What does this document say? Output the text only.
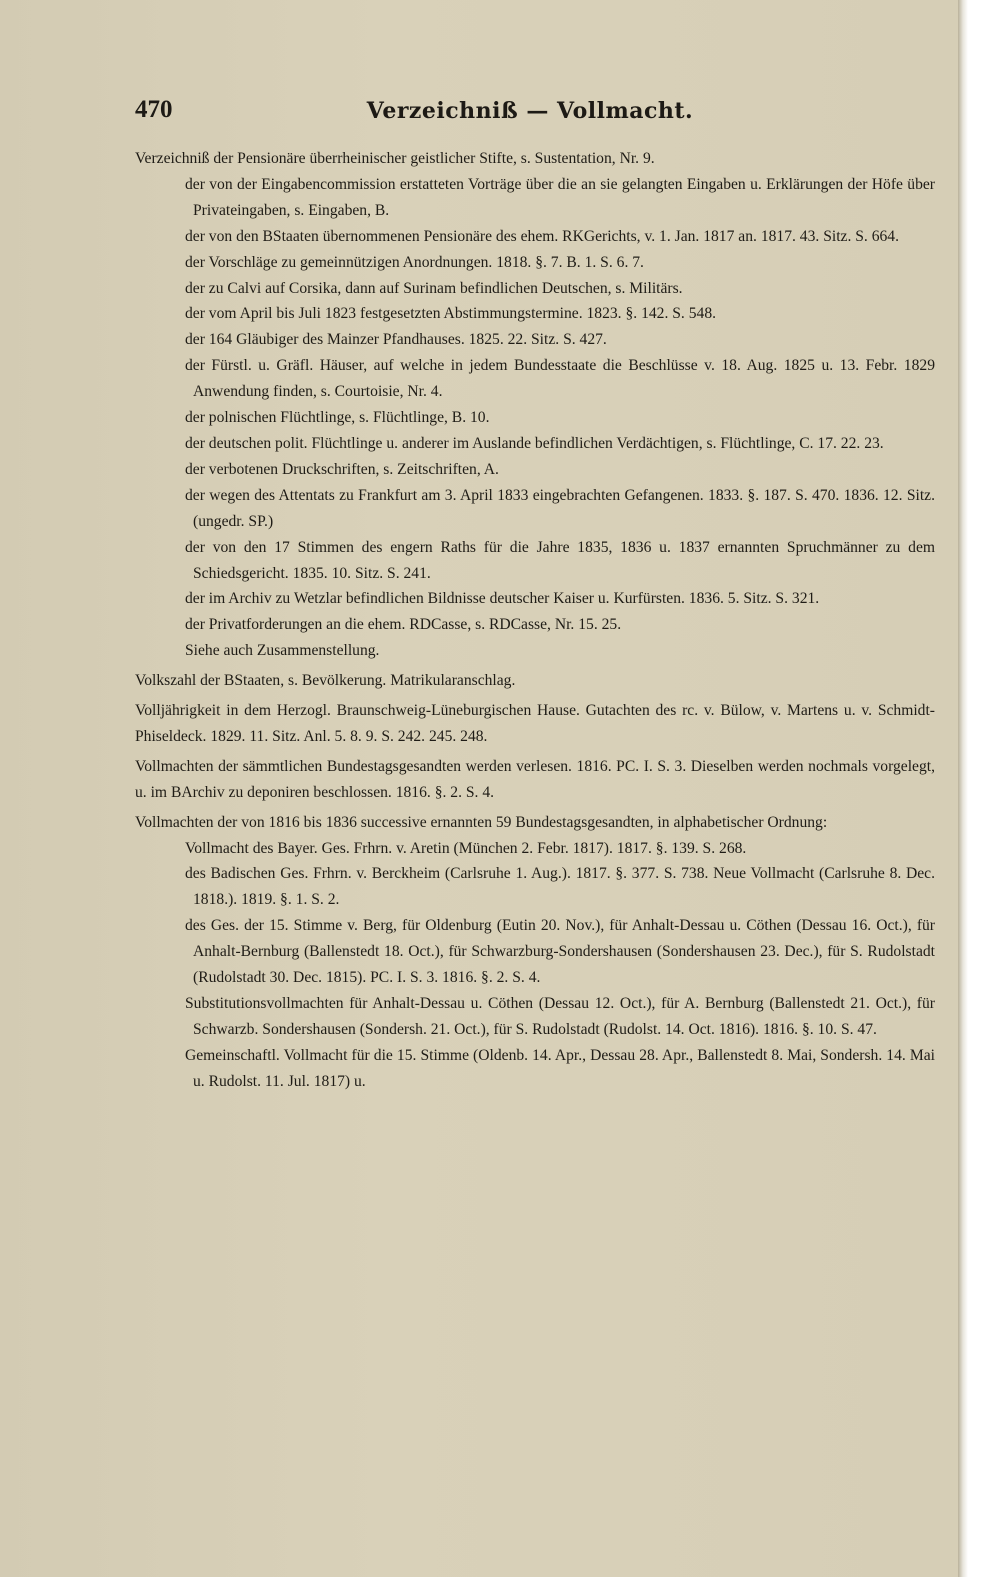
470	Verzeichniß — Vollmacht.
Verzeichniß der Pensionäre überrheinischer geistlicher Stifte, s. Sustentation, Nr. 9.
der von der Eingabencommission erstatteten Vorträge über die an sie gelangten Eingaben u. Erklärungen der Höfe über Privateingaben, s. Eingaben, B.
der von den BStaaten übernommenen Pensionäre des ehem. RKGerichts, v. 1. Jan. 1817 an. 1817. 43. Sitz. S. 664.
der Vorschläge zu gemeinnützigen Anordnungen. 1818. §. 7. B. 1. S. 6. 7.
der zu Calvi auf Corsika, dann auf Surinam befindlichen Deutschen, s. Militärs.
der vom April bis Juli 1823 festgesetzten Abstimmungstermine. 1823. §. 142. S. 548.
der 164 Gläubiger des Mainzer Pfandhauses. 1825. 22. Sitz. S. 427.
der Fürstl. u. Gräfl. Häuser, auf welche in jedem Bundesstaate die Beschlüsse v. 18. Aug. 1825 u. 13. Febr. 1829 Anwendung finden, s. Courtoisie, Nr. 4.
der polnischen Flüchtlinge, s. Flüchtlinge, B. 10.
der deutschen polit. Flüchtlinge u. anderer im Auslande befindlichen Verdächtigen, s. Flüchtlinge, C. 17. 22. 23.
der verbotenen Druckschriften, s. Zeitschriften, A.
der wegen des Attentats zu Frankfurt am 3. April 1833 eingebrachten Gefangenen. 1833. §. 187. S. 470. 1836. 12. Sitz. (ungedr. SP.)
der von den 17 Stimmen des engern Raths für die Jahre 1835, 1836 u. 1837 ernannten Spruchmänner zu dem Schiedsgericht. 1835. 10. Sitz. S. 241.
der im Archiv zu Wetzlar befindlichen Bildnisse deutscher Kaiser u. Kurfürsten. 1836. 5. Sitz. S. 321.
der Privatforderungen an die ehem. RDCasse, s. RDCasse, Nr. 15. 25.
Siehe auch Zusammenstellung.
Volkszahl der BStaaten, s. Bevölkerung. Matrikularanschlag.
Volljährigkeit in dem Herzogl. Braunschweig-Lüneburgischen Hause. Gutachten des rc. v. Bülow, v. Martens u. v. Schmidt-Phiseldeck. 1829. 11. Sitz. Anl. 5. 8. 9. S. 242. 245. 248.
Vollmachten der sämmtlichen Bundestagsgesandten werden verlesen. 1816. PC. I. S. 3. Dieselben werden nochmals vorgelegt, u. im BArchiv zu deponiren beschlossen. 1816. §. 2. S. 4.
Vollmachten der von 1816 bis 1836 successive ernannten 59 Bundestagsgesandten, in alphabetischer Ordnung:
Vollmacht des Bayer. Ges. Frhrn. v. Aretin (München 2. Febr. 1817). 1817. §. 139. S. 268.
des Badischen Ges. Frhrn. v. Berckheim (Carlsruhe 1. Aug.). 1817. §. 377. S. 738. Neue Vollmacht (Carlsruhe 8. Dec. 1818.). 1819. §. 1. S. 2.
des Ges. der 15. Stimme v. Berg, für Oldenburg (Eutin 20. Nov.), für Anhalt-Dessau u. Cöthen (Dessau 16. Oct.), für Anhalt-Bernburg (Ballenstedt 18. Oct.), für Schwarzburg-Sondershausen (Sondershausen 23. Dec.), für S. Rudolstadt (Rudolstadt 30. Dec. 1815). PC. I. S. 3. 1816. §. 2. S. 4.
Substitutionsvollmachten für Anhalt-Dessau u. Cöthen (Dessau 12. Oct.), für A. Bernburg (Ballenstedt 21. Oct.), für Schwarzb. Sondershausen (Sondersh. 21. Oct.), für S. Rudolstadt (Rudolst. 14. Oct. 1816). 1816. §. 10. S. 47.
Gemeinschaftl. Vollmacht für die 15. Stimme (Oldenb. 14. Apr., Dessau 28. Apr., Ballenstedt 8. Mai, Sondersh. 14. Mai u. Rudolst. 11. Jul. 1817) u.
